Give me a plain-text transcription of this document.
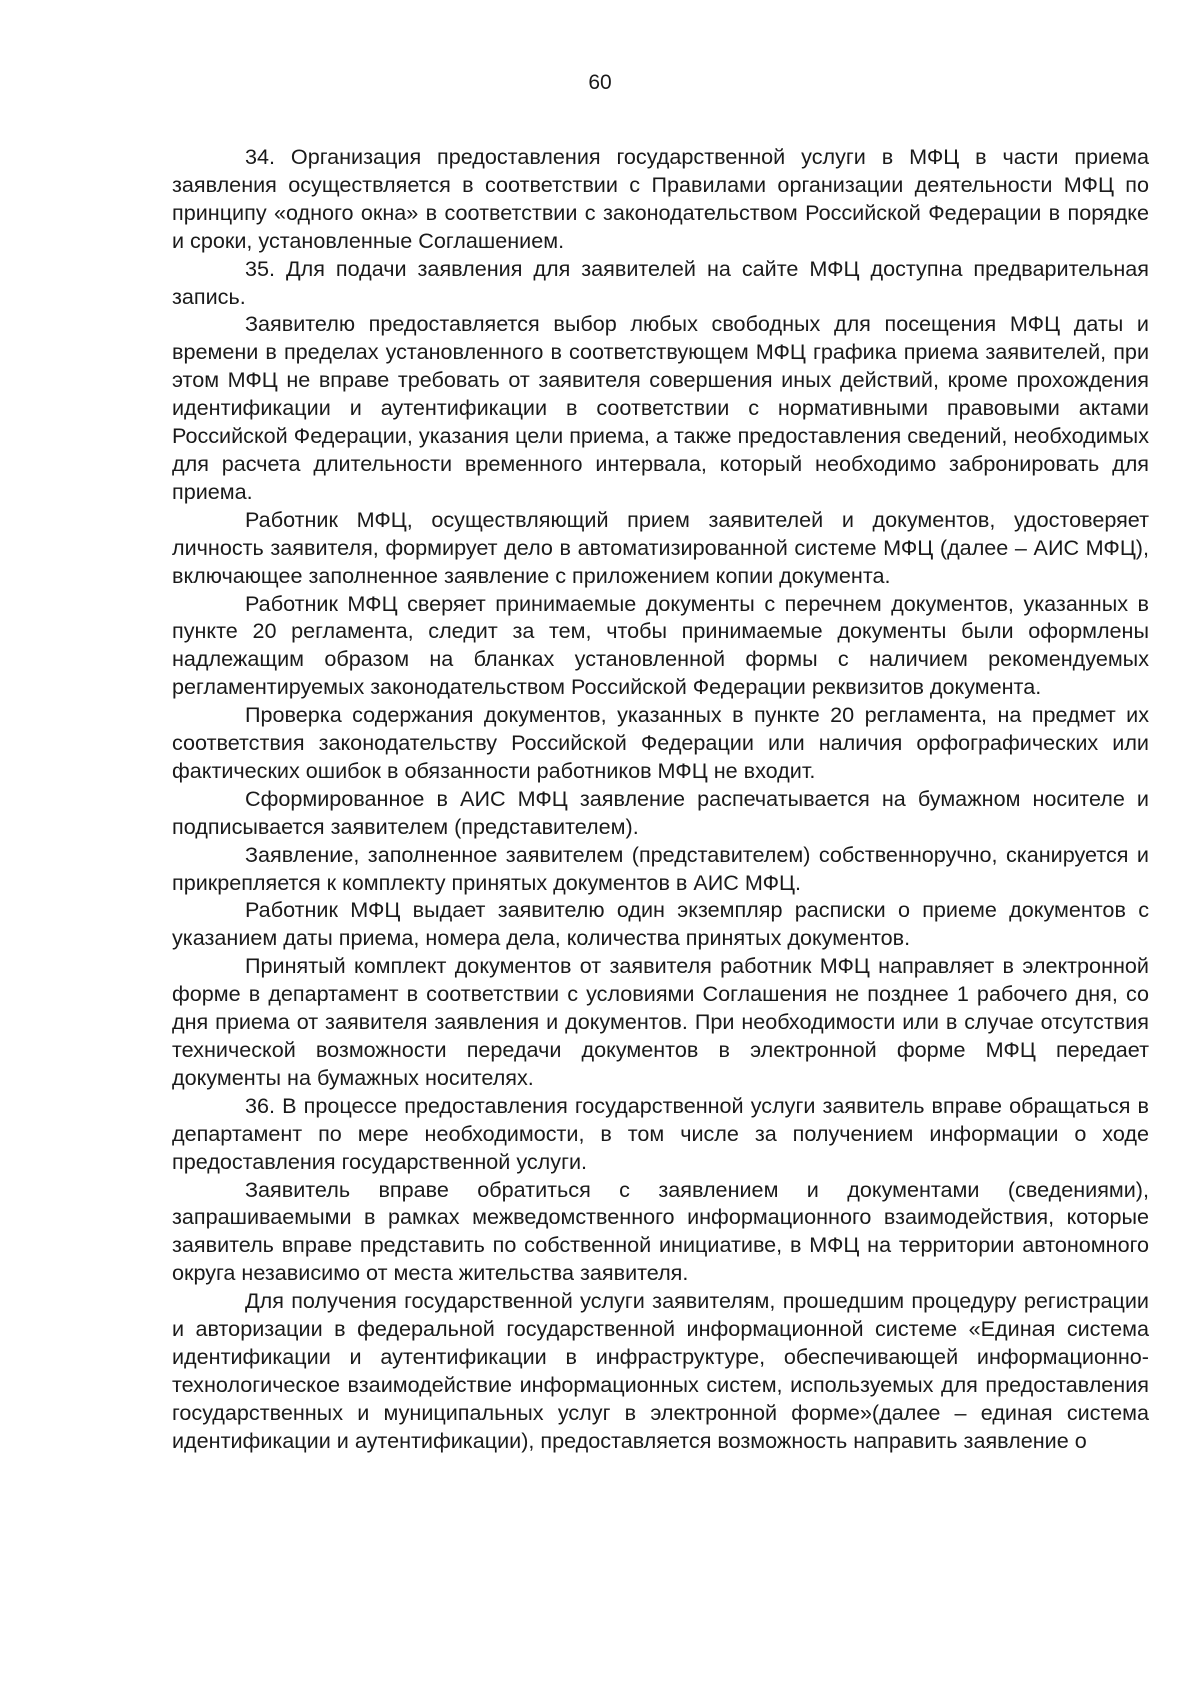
60

34. Организация предоставления государственной услуги в МФЦ в части приема заявления осуществляется в соответствии с Правилами организации деятельности МФЦ по принципу «одного окна» в соответствии с законодательством Российской Федерации в порядке и сроки, установленные Соглашением.

35. Для подачи заявления для заявителей на сайте МФЦ доступна предварительная запись.

Заявителю предоставляется выбор любых свободных для посещения МФЦ даты и времени в пределах установленного в соответствующем МФЦ графика приема заявителей, при этом МФЦ не вправе требовать от заявителя совершения иных действий, кроме прохождения идентификации и аутентификации в соответствии с нормативными правовыми актами Российской Федерации, указания цели приема, а также предоставления сведений, необходимых для расчета длительности временного интервала, который необходимо забронировать для приема.

Работник МФЦ, осуществляющий прием заявителей и документов, удостоверяет личность заявителя, формирует дело в автоматизированной системе МФЦ (далее – АИС МФЦ), включающее заполненное заявление с приложением копии документа.

Работник МФЦ сверяет принимаемые документы с перечнем документов, указанных в пункте 20 регламента, следит за тем, чтобы принимаемые документы были оформлены надлежащим образом на бланках установленной формы с наличием рекомендуемых регламентируемых законодательством Российской Федерации реквизитов документа.

Проверка содержания документов, указанных в пункте 20 регламента, на предмет их соответствия законодательству Российской Федерации или наличия орфографических или фактических ошибок в обязанности работников МФЦ не входит.

Сформированное в АИС МФЦ заявление распечатывается на бумажном носителе и подписывается заявителем (представителем).

Заявление, заполненное заявителем (представителем) собственноручно, сканируется и прикрепляется к комплекту принятых документов в АИС МФЦ.

Работник МФЦ выдает заявителю один экземпляр расписки о приеме документов с указанием даты приема, номера дела, количества принятых документов.

Принятый комплект документов от заявителя работник МФЦ направляет в электронной форме в департамент в соответствии с условиями Соглашения не позднее 1 рабочего дня, со дня приема от заявителя заявления и документов. При необходимости или в случае отсутствия технической возможности передачи документов в электронной форме МФЦ передает документы на бумажных носителях.

36. В процессе предоставления государственной услуги заявитель вправе обращаться в департамент по мере необходимости, в том числе за получением информации о ходе предоставления государственной услуги.

Заявитель вправе обратиться с заявлением и документами (сведениями), запрашиваемыми в рамках межведомственного информационного взаимодействия, которые заявитель вправе представить по собственной инициативе, в МФЦ на территории автономного округа независимо от места жительства заявителя.

Для получения государственной услуги заявителям, прошедшим процедуру регистрации и авторизации в федеральной государственной информационной системе «Единая система идентификации и аутентификации в инфраструктуре, обеспечивающей информационно-технологическое взаимодействие информационных систем, используемых для предоставления государственных и муниципальных услуг в электронной форме»(далее – единая система идентификации и аутентификации), предоставляется возможность направить заявление о
